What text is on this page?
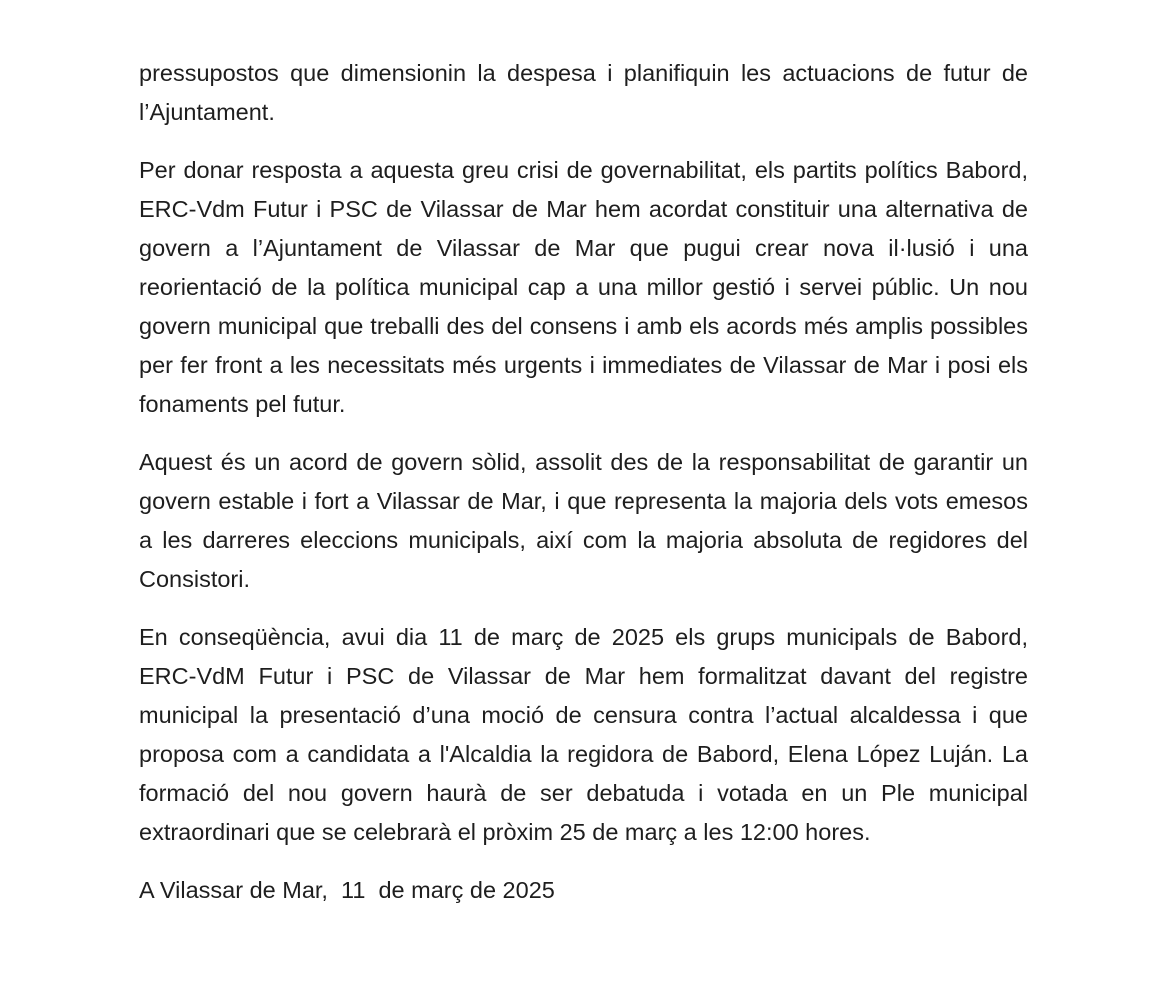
pressupostos que dimensionin la despesa i planifiquin les actuacions de futur de l’Ajuntament.

Per donar resposta a aquesta greu crisi de governabilitat, els partits polítics Babord, ERC-Vdm Futur i PSC de Vilassar de Mar hem acordat constituir una alternativa de govern a l’Ajuntament de Vilassar de Mar que pugui crear nova il·lusió i una reorientació de la política municipal cap a una millor gestió i servei públic. Un nou govern municipal que treballi des del consens i amb els acords més amplis possibles per fer front a les necessitats més urgents i immediates de Vilassar de Mar i posi els fonaments pel futur.

Aquest és un acord de govern sòlid, assolit des de la responsabilitat de garantir un govern estable i fort a Vilassar de Mar, i que representa la majoria dels vots emesos a les darreres eleccions municipals, així com la majoria absoluta de regidores del Consistori.

En conseqüència, avui dia 11 de març de 2025 els grups municipals de Babord, ERC-VdM Futur i PSC de Vilassar de Mar hem formalitzat davant del registre municipal la presentació d’una moció de censura contra l’actual alcaldessa i que proposa com a candidata a l'Alcaldia la regidora de Babord, Elena López Luján. La formació del nou govern haurà de ser debatuda i votada en un Ple municipal extraordinari que se celebrarà el pròxim 25 de març a les 12:00 hores.

A Vilassar de Mar,  11  de març de 2025
